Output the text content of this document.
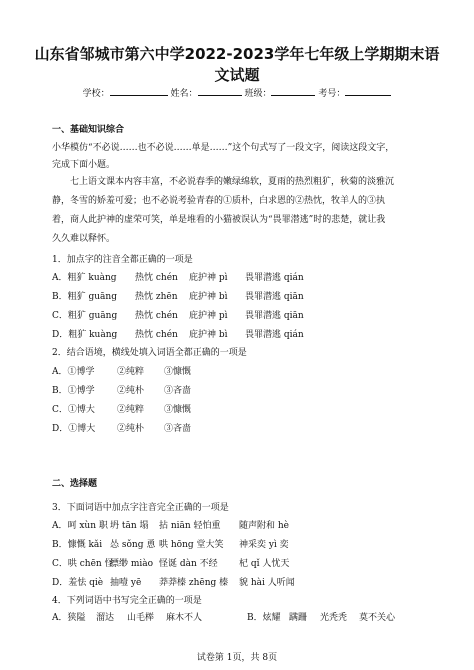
山东省邹城市第六中学2022-2023学年七年级上学期期末语
文试题
学校：	姓名：	班级：	考号：
一、基础知识综合
小华模仿“不必说……也不必说……单是……”这个句式写了一段文字，阅读这段文字，
完成下面小题。
七上语文课本内容丰富，不必说春季的嫩绿绵软，夏雨的热烈粗犷，秋菊的淡雅沉
静，冬雪的娇羞可爱；也不必说考验青春的①质朴，白求恩的②热忱，牧羊人的③执
着，商人此护神的虚荣可笑，单是堆看的小猫被误认为“畏罪潜逃”时的悲楚，就让我
久久难以释怀。
1．加点字的注音全都正确的一项是
A．粗犷 kuàng 热忱 chén 庇护神 pì 畏罪潜逃 qián
B．粗犷 guāng 热忱 zhēn 庇护神 bì 畏罪潜逃 qiān
C．粗犷 guāng 热忱 chén 庇护神 pì 畏罪潜逃 qiān
D．粗犷 kuàng 热忱 chén 庇护神 bì 畏罪潜逃 qián
2．结合语境，横线处填入词语全都正确的一项是
A．①博学	②纯粹 ③慷慨
B．①博学 ②纯朴 ③吝啬
C．①博大 ②纯粹 ③慷慨
D．①博大 ②纯朴 ③吝啬
二、选择题
3．下面词语中加点字注音完全正确的一项是
A．呵 xùn 职 坍 tān 塌 拈 niān 轻怕重 随声附和 hè
B．慷慨 kǎi 怂 sǒng 恿 哄 hōng 堂大笑 神采奕 yì 奕
C．哄 chēn 怪缥缈 miào 怪诞 dàn 不经 杞 qǐ 人忧天
D．羞怯 qiè 抽噎 yē 莽莽榛 zhēng 榛 貌 hài 人听闻
4．下列词语中书写完全正确的一项是
A．狭隘 溜达 山毛榉 麻木不人	B．炫耀 蹒跚 光秃秃 莫不关心
试卷第 1页，共 8页
